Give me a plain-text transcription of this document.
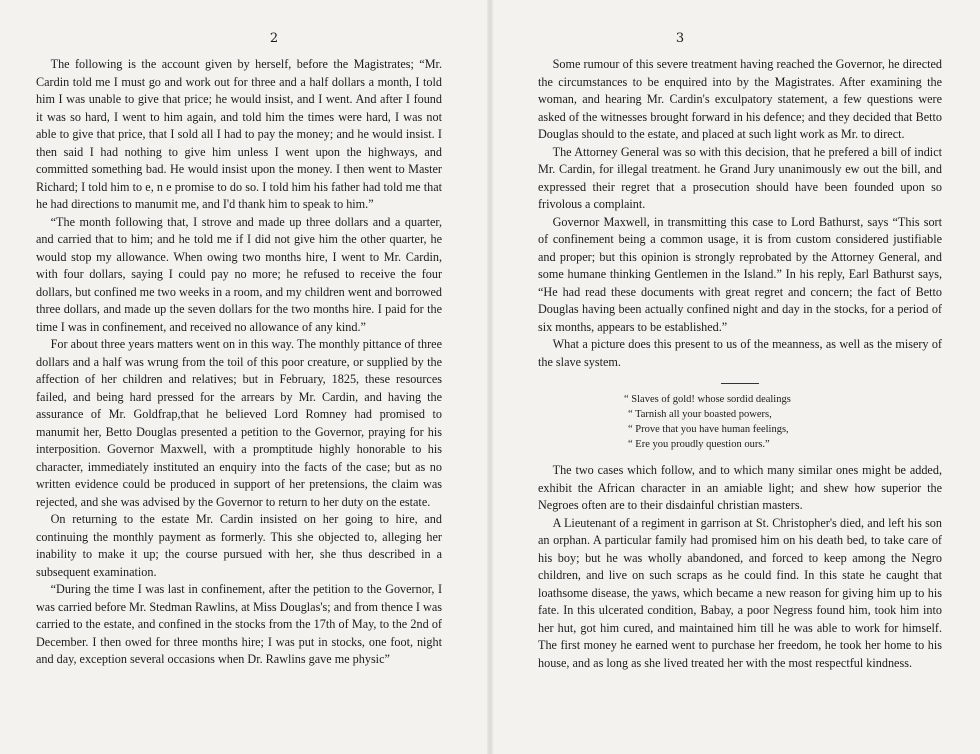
2

The following is the account given by herself, before the Magistrates; “Mr. Cardin told me I must go and work out for three and a half dollars a month, I told him I was unable to give that price; he would insist, and I went. And after I found it was so hard, I went to him again, and told him the times were hard, I was not able to give that price, that I sold all I had to pay the money; and he would insist. I then said I had nothing to give him unless I went upon the highways, and committed something bad. He would insist upon the money. I then went to Master Richard; I told him to e, n e promise to do so. I told him his father had told me that he had directions to manumit me, and I'd thank him to speak to him.”

“The month following that, I strove and made up three dollars and a quarter, and carried that to him; and he told me if I did not give him the other quarter, he would stop my allowance. When owing two months hire, I went to Mr. Cardin, with four dollars, saying I could pay no more; he refused to receive the four dollars, but confined me two weeks in a room, and my children went and borrowed three dollars, and made up the seven dollars for the two months hire. I paid for the time I was in confinement, and received no allowance of any kind.”

For about three years matters went on in this way. The monthly pittance of three dollars and a half was wrung from the toil of this poor creature, or supplied by the affection of her children and relatives; but in February, 1825, these resources failed, and being hard pressed for the arrears by Mr. Cardin, and having the assurance of Mr. Goldfrap,that he believed Lord Romney had promised to manumit her, Betto Douglas presented a petition to the Governor, praying for his interposition. Governor Maxwell, with a promptitude highly honorable to his character, immediately instituted an enquiry into the facts of the case; but as no written evidence could be produced in support of her pretensions, the claim was rejected, and she was advised by the Governor to return to her duty on the estate.

On returning to the estate Mr. Cardin insisted on her going to hire, and continuing the monthly payment as formerly. This she objected to, alleging her inability to make it up; the course pursued with her, she thus described in a subsequent examination.

“During the time I was last in confinement, after the petition to the Governor, I was carried before Mr. Stedman Rawlins, at Miss Douglas's; and from thence I was carried to the estate, and confined in the stocks from the 17th of May, to the 2nd of December. I then owed for three months hire; I was put in stocks, one foot, night and day, exception several occasions when Dr. Rawlins gave me physic”

3

Some rumour of this severe treatment having reached the Governor, he directed the circumstances to be enquired into by the Magistrates. After examining the woman, and hearing Mr. Cardin's exculpatory statement, a few questions were asked of the witnesses brought forward in his defence; and they decided that Betto Douglas should to the estate, and placed at such light work as Mr. to direct.

The Attorney General was so with this decision, that he prefered a bill of indict Mr. Cardin, for illegal treatment. he Grand Jury unanimously ew out the bill, and expressed their regret that a prosecution should have been founded upon so frivolous a complaint.

Governor Maxwell, in transmitting this case to Lord Bathurst, says “This sort of confinement being a common usage, it is from custom considered justifiable and proper; but this opinion is strongly reprobated by the Attorney General, and some humane thinking Gentlemen in the Island.” In his reply, Earl Bathurst says, “He had read these documents with great regret and concern; the fact of Betto Douglas having been actually confined night and day in the stocks, for a period of six months, appears to be established.”

What a picture does this present to us of the meanness, as well as the misery of the slave system.

“ Slaves of gold! whose sordid dealings
“ Tarnish all your boasted powers,
“ Prove that you have human feelings,
“ Ere you proudly question ours.”

The two cases which follow, and to which many similar ones might be added, exhibit the African character in an amiable light; and shew how superior the Negroes often are to their disdainful christian masters.

A Lieutenant of a regiment in garrison at St. Christopher's died, and left his son an orphan. A particular family had promised him on his death bed, to take care of his boy; but he was wholly abandoned, and forced to keep among the Negro children, and live on such scraps as he could find. In this state he caught that loathsome disease, the yaws, which became a new reason for giving him up to his fate. In this ulcerated condition, Babay, a poor Negress found him, took him into her hut, got him cured, and maintained him till he was able to work for himself. The first money he earned went to purchase her freedom, he took her home to his house, and as long as she lived treated her with the most respectful kindness.
